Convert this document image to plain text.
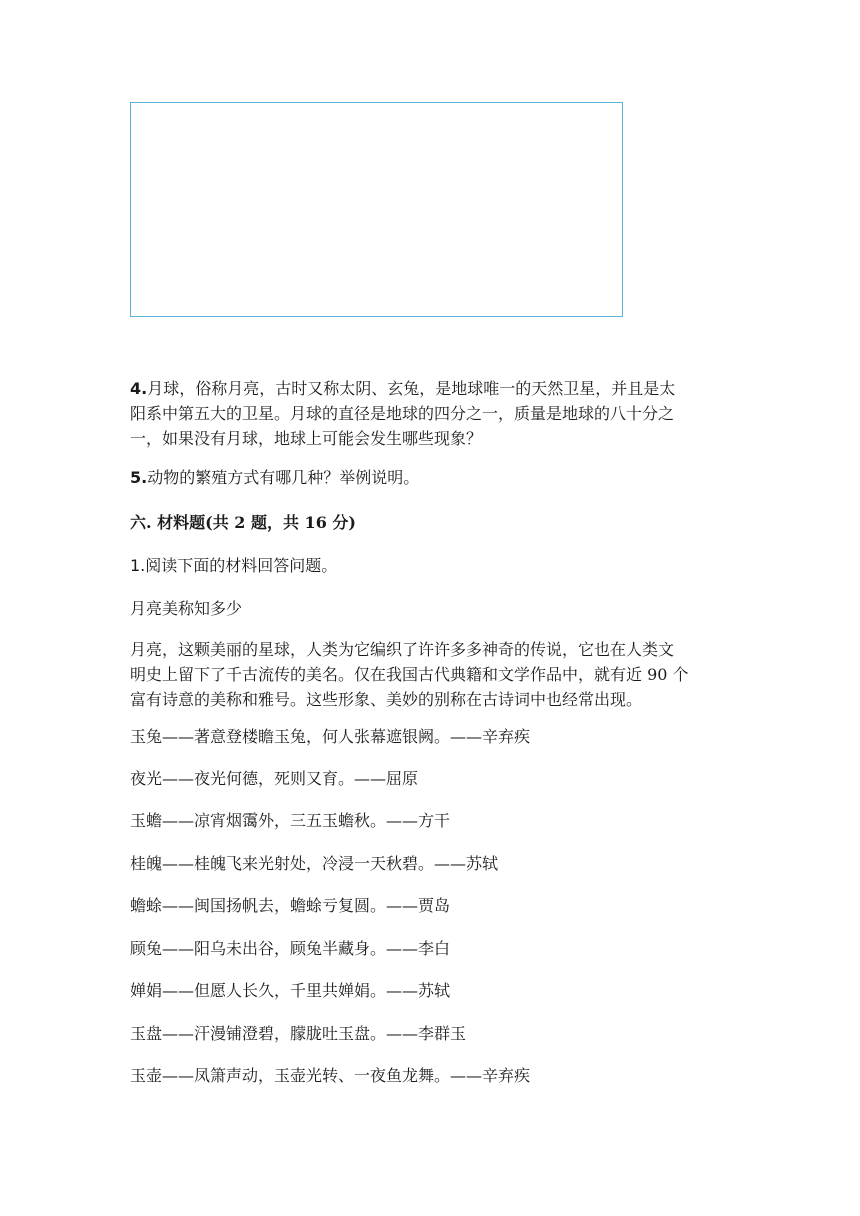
4.月球，俗称月亮，古时又称太阴、玄兔，是地球唯一的天然卫星，并且是太
阳系中第五大的卫星。月球的直径是地球的四分之一，质量是地球的八十分之
一，如果没有月球，地球上可能会发生哪些现象？
5.动物的繁殖方式有哪几种？举例说明。
六. 材料题(共 2 题，共 16 分)
1.阅读下面的材料回答问题。
月亮美称知多少
月亮，这颗美丽的星球，人类为它编织了许许多多神奇的传说，它也在人类文
明史上留下了千古流传的美名。仅在我国古代典籍和文学作品中，就有近 90 个
富有诗意的美称和雅号。这些形象、美妙的别称在古诗词中也经常出现。
玉兔——著意登楼瞻玉兔，何人张幕遮银阙。——辛弃疾
夜光——夜光何德，死则又育。——屈原
玉蟾——凉宵烟霭外，三五玉蟾秋。——方干
桂魄——桂魄飞来光射处，冷浸一天秋碧。——苏轼
蟾蜍——闽国扬帆去，蟾蜍亏复圆。——贾岛
顾兔——阳乌未出谷，顾兔半藏身。——李白
婵娟——但愿人长久，千里共婵娟。——苏轼
玉盘——汗漫铺澄碧，朦胧吐玉盘。——李群玉
玉壶——凤箫声动，玉壶光转、一夜鱼龙舞。——辛弃疾
